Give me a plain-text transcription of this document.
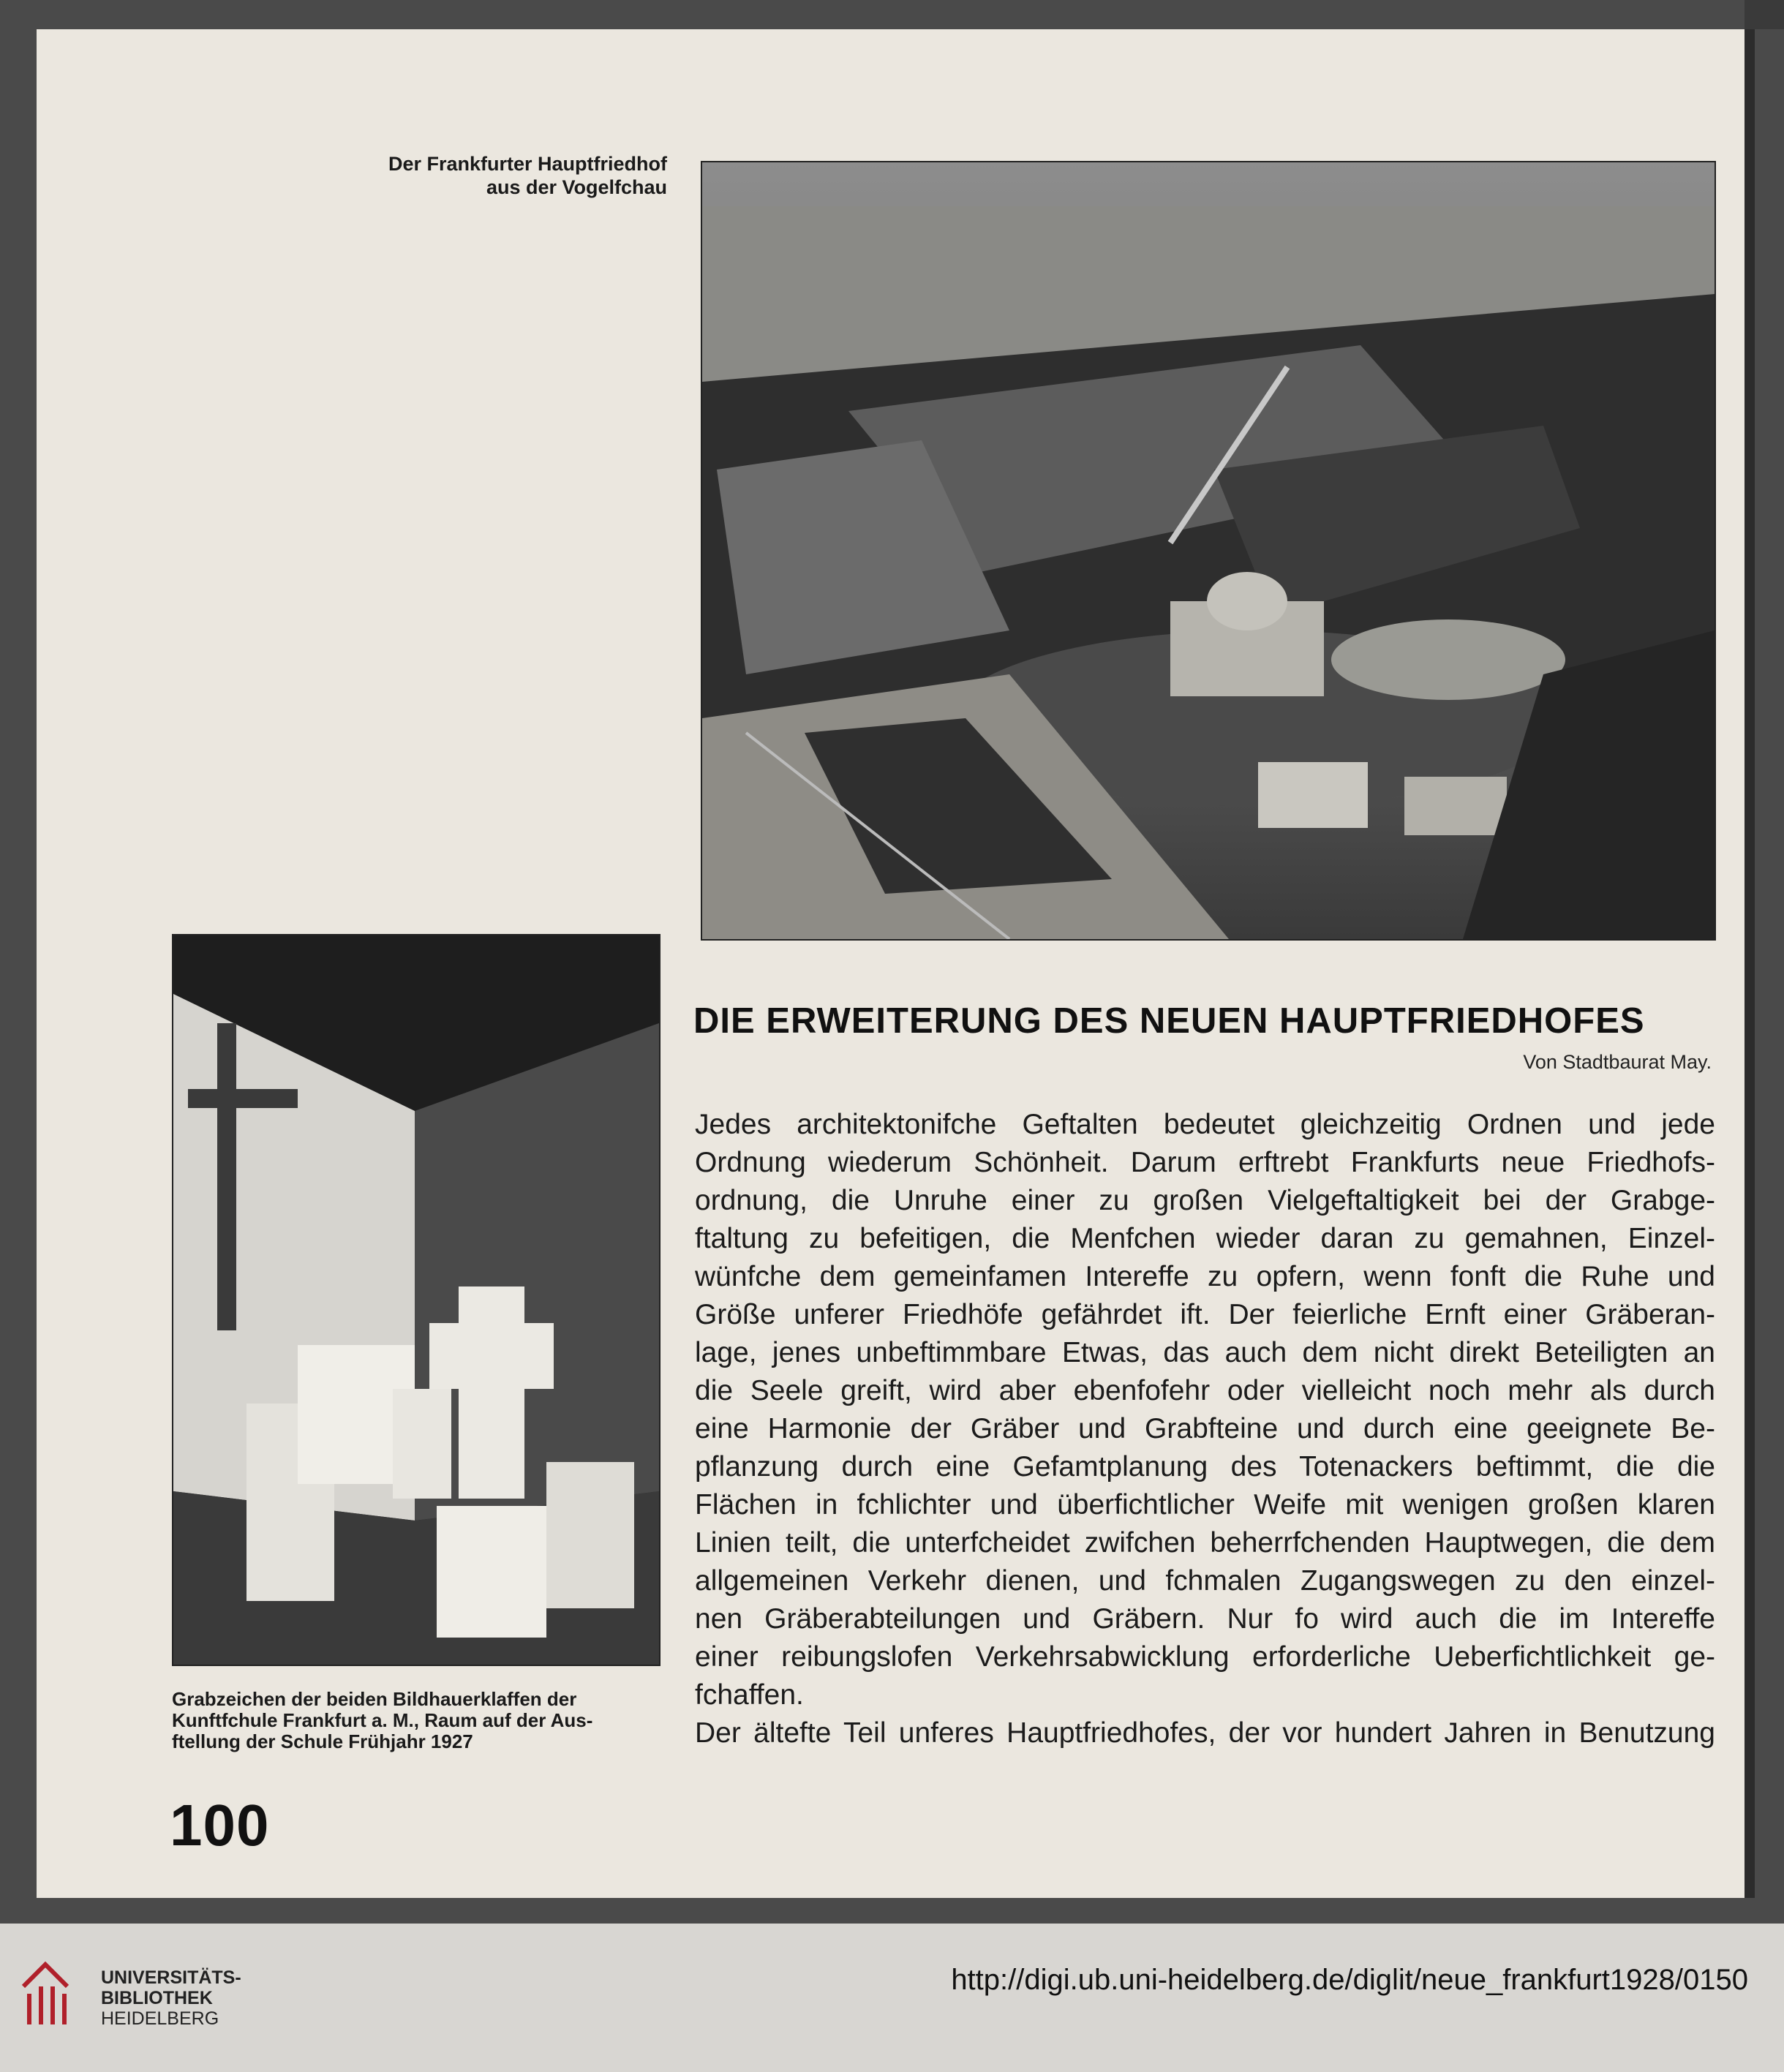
Der Frankfurter Hauptfriedhof
aus der Vogelfchau
DIE ERWEITERUNG DES NEUEN HAUPTFRIEDHOFES
Von Stadtbaurat May.
Jedes architektonifche Geftalten bedeutet gleichzeitig Ordnen und jede
Ordnung wiederum Schönheit. Darum erftrebt Frankfurts neue Friedhofs-
ordnung, die Unruhe einer zu großen Vielgeftaltigkeit bei der Grabge-
ftaltung zu befeitigen, die Menfchen wieder daran zu gemahnen, Einzel-
wünfche dem gemeinfamen Intereffe zu opfern, wenn fonft die Ruhe und
Größe unferer Friedhöfe gefährdet ift. Der feierliche Ernft einer Gräberan-
lage, jenes unbeftimmbare Etwas, das auch dem nicht direkt Beteiligten an
die Seele greift, wird aber ebenfofehr oder vielleicht noch mehr als durch
eine Harmonie der Gräber und Grabfteine und durch eine geeignete Be-
pflanzung durch eine Gefamtplanung des Totenackers beftimmt, die die
Flächen in fchlichter und überfichtlicher Weife mit wenigen großen klaren
Linien teilt, die unterfcheidet zwifchen beherrfchenden Hauptwegen, die dem
allgemeinen Verkehr dienen, und fchmalen Zugangswegen zu den einzel-
nen Gräberabteilungen und Gräbern. Nur fo wird auch die im Intereffe
einer reibungslofen Verkehrsabwicklung erforderliche Ueberfichtlichkeit ge-
fchaffen.
Der ältefte Teil unferes Hauptfriedhofes, der vor hundert Jahren in Benutzung
Grabzeichen der beiden Bildhauerklaffen der
Kunftfchule Frankfurt a. M., Raum auf der Aus-
ftellung der Schule Frühjahr 1927
100
UNIVERSITÄTS-
BIBLIOTHEK
HEIDELBERG
http://digi.ub.uni-heidelberg.de/diglit/neue_frankfurt1928/0150
